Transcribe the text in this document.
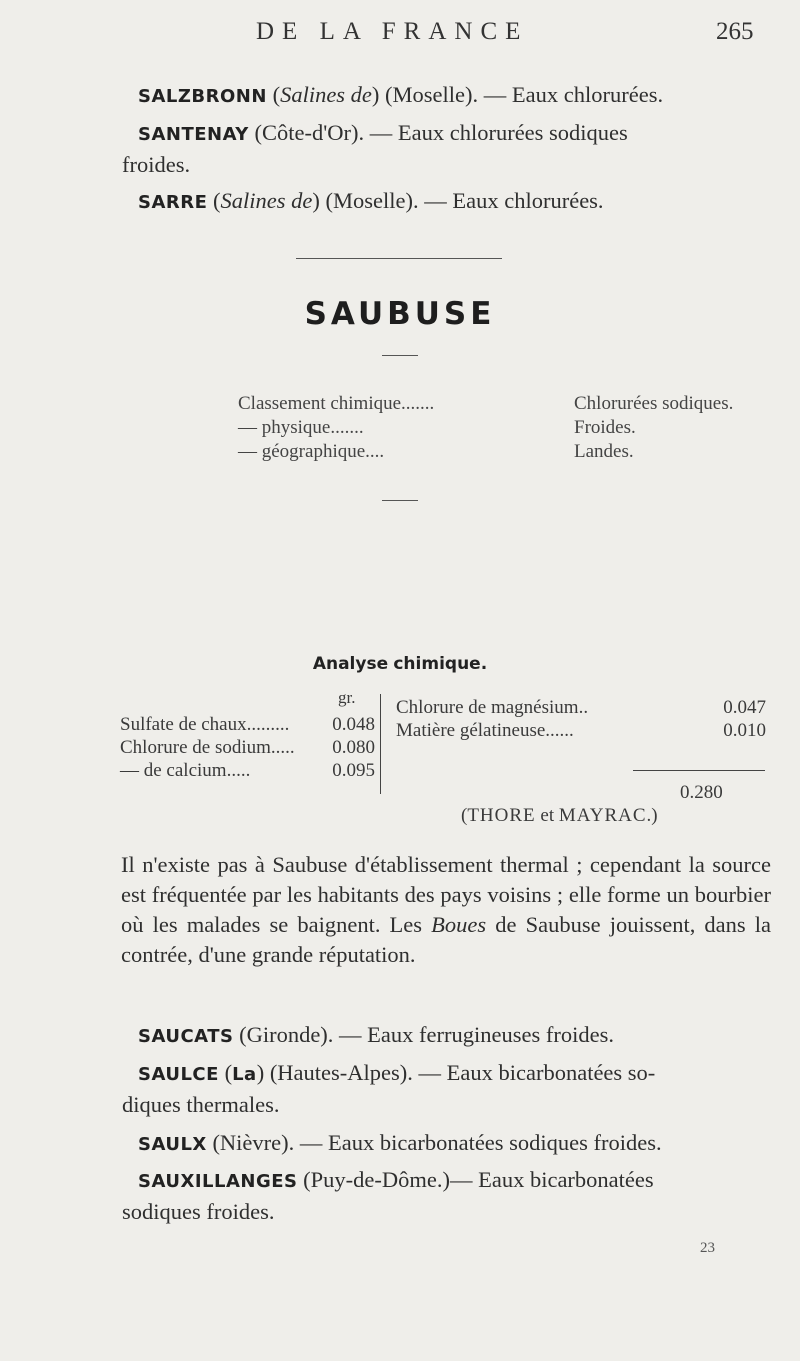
DE LA FRANCE	265
SALZBRONN (Salines de) (Moselle). — Eaux chlorurées.
SANTENAY (Côte-d'Or). — Eaux chlorurées sodiques
froides.
SARRE (Salines de) (Moselle). — Eaux chlorurées.
SAUBUSE
Classement chimique.......	Chlorurées sodiques.
— physique.......	Froides.
— géographique....	Landes.
Analyse chimique.
gr.
Sulfate de chaux......... 0.048
Chlorure de sodium..... 0.080
— de calcium.....	0.095
Chlorure de magnésium..	0.047
Matière gélatineuse......	0.010
0.280
(THORE et MAYRAC.)
Il n'existe pas à Saubuse d'établissement thermal ; cependant la source est fréquentée par les habitants des pays voisins ; elle forme un bourbier où les malades se baignent. Les Boues de Saubuse jouissent, dans la contrée, d'une grande réputation.
SAUCATS (Gironde). — Eaux ferrugineuses froides.
SAULCE (La) (Hautes-Alpes). — Eaux bicarbonatées so-
diques thermales.
SAULX (Nièvre). — Eaux bicarbonatées sodiques froides.
SAUXILLANGES (Puy-de-Dôme.)— Eaux bicarbonatées
sodiques froides.
23
